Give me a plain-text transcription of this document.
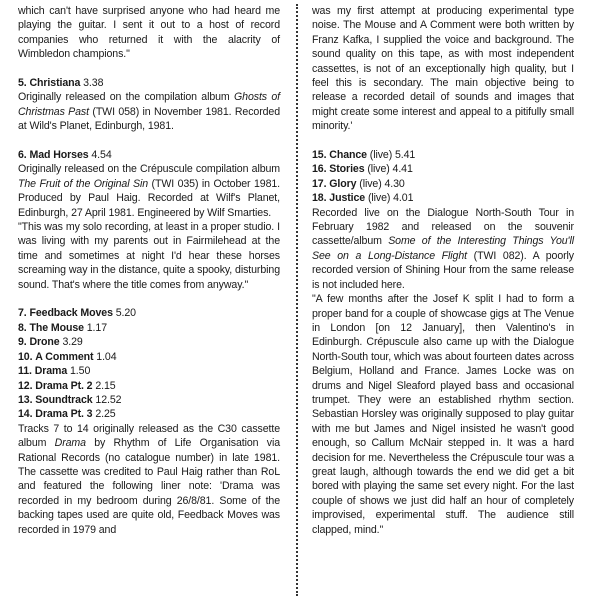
which can't have surprised anyone who had heard me playing the guitar. I sent it out to a host of record companies who returned it with the alacrity of Wimbledon champions."

5. Christiana 3.38

Originally released on the compilation album Ghosts of Christmas Past (TWI 058) in November 1981. Recorded at Wild's Planet, Edinburgh, 1981.

6. Mad Horses 4.54

Originally released on the Crépuscule compilation album The Fruit of the Original Sin (TWI 035) in October 1981. Produced by Paul Haig. Recorded at Wilf's Planet, Edinburgh, 27 April 1981. Engineered by Wilf Smarties.

"This was my solo recording, at least in a proper studio. I was living with my parents out in Fairmilehead at the time and sometimes at night I'd hear these horses screaming way in the distance, quite a spooky, disturbing sound. That's where the title comes from anyway."

7. Feedback Moves 5.20
8. The Mouse 1.17
9. Drone 3.29
10. A Comment 1.04
11. Drama 1.50
12. Drama Pt. 2 2.15
13. Soundtrack 12.52
14. Drama Pt. 3 2.25

Tracks 7 to 14 originally released as the C30 cassette album Drama by Rhythm of Life Organisation via Rational Records (no catalogue number) in late 1981. The cassette was credited to Paul Haig rather than RoL and featured the following liner note: 'Drama was recorded in my bedroom during 26/8/81. Some of the backing tapes used are quite old, Feedback Moves was recorded in 1979 and

was my first attempt at producing experimental type noise. The Mouse and A Comment were both written by Franz Kafka, I supplied the voice and background. The sound quality on this tape, as with most independent cassettes, is not of an exceptionally high quality, but I feel this is secondary. The main objective being to release a recorded detail of sounds and images that might create some interest and appeal to a pitifully small minority.'

15. Chance (live) 5.41
16. Stories (live) 4.41
17. Glory (live) 4.30
18. Justice (live) 4.01

Recorded live on the Dialogue North-South Tour in February 1982 and released on the souvenir cassette/album Some of the Interesting Things You'll See on a Long-Distance Flight (TWI 082). A poorly recorded version of Shining Hour from the same release is not included here.

"A few months after the Josef K split I had to form a proper band for a couple of showcase gigs at The Venue in London [on 12 January], then Valentino's in Edinburgh. Crépuscule also came up with the Dialogue North-South tour, which was about fourteen dates across Belgium, Holland and France. James Locke was on drums and Nigel Sleaford played bass and occasional trumpet. They were an established rhythm section. Sebastian Horsley was originally supposed to play guitar with me but James and Nigel insisted he wasn't good enough, so Callum McNair stepped in. It was a hard decision for me. Nevertheless the Crépuscule tour was a great laugh, although towards the end we did get a bit bored with playing the same set every night. For the last couple of shows we just did half an hour of completely improvised, experimental stuff. The audience still clapped, mind."
